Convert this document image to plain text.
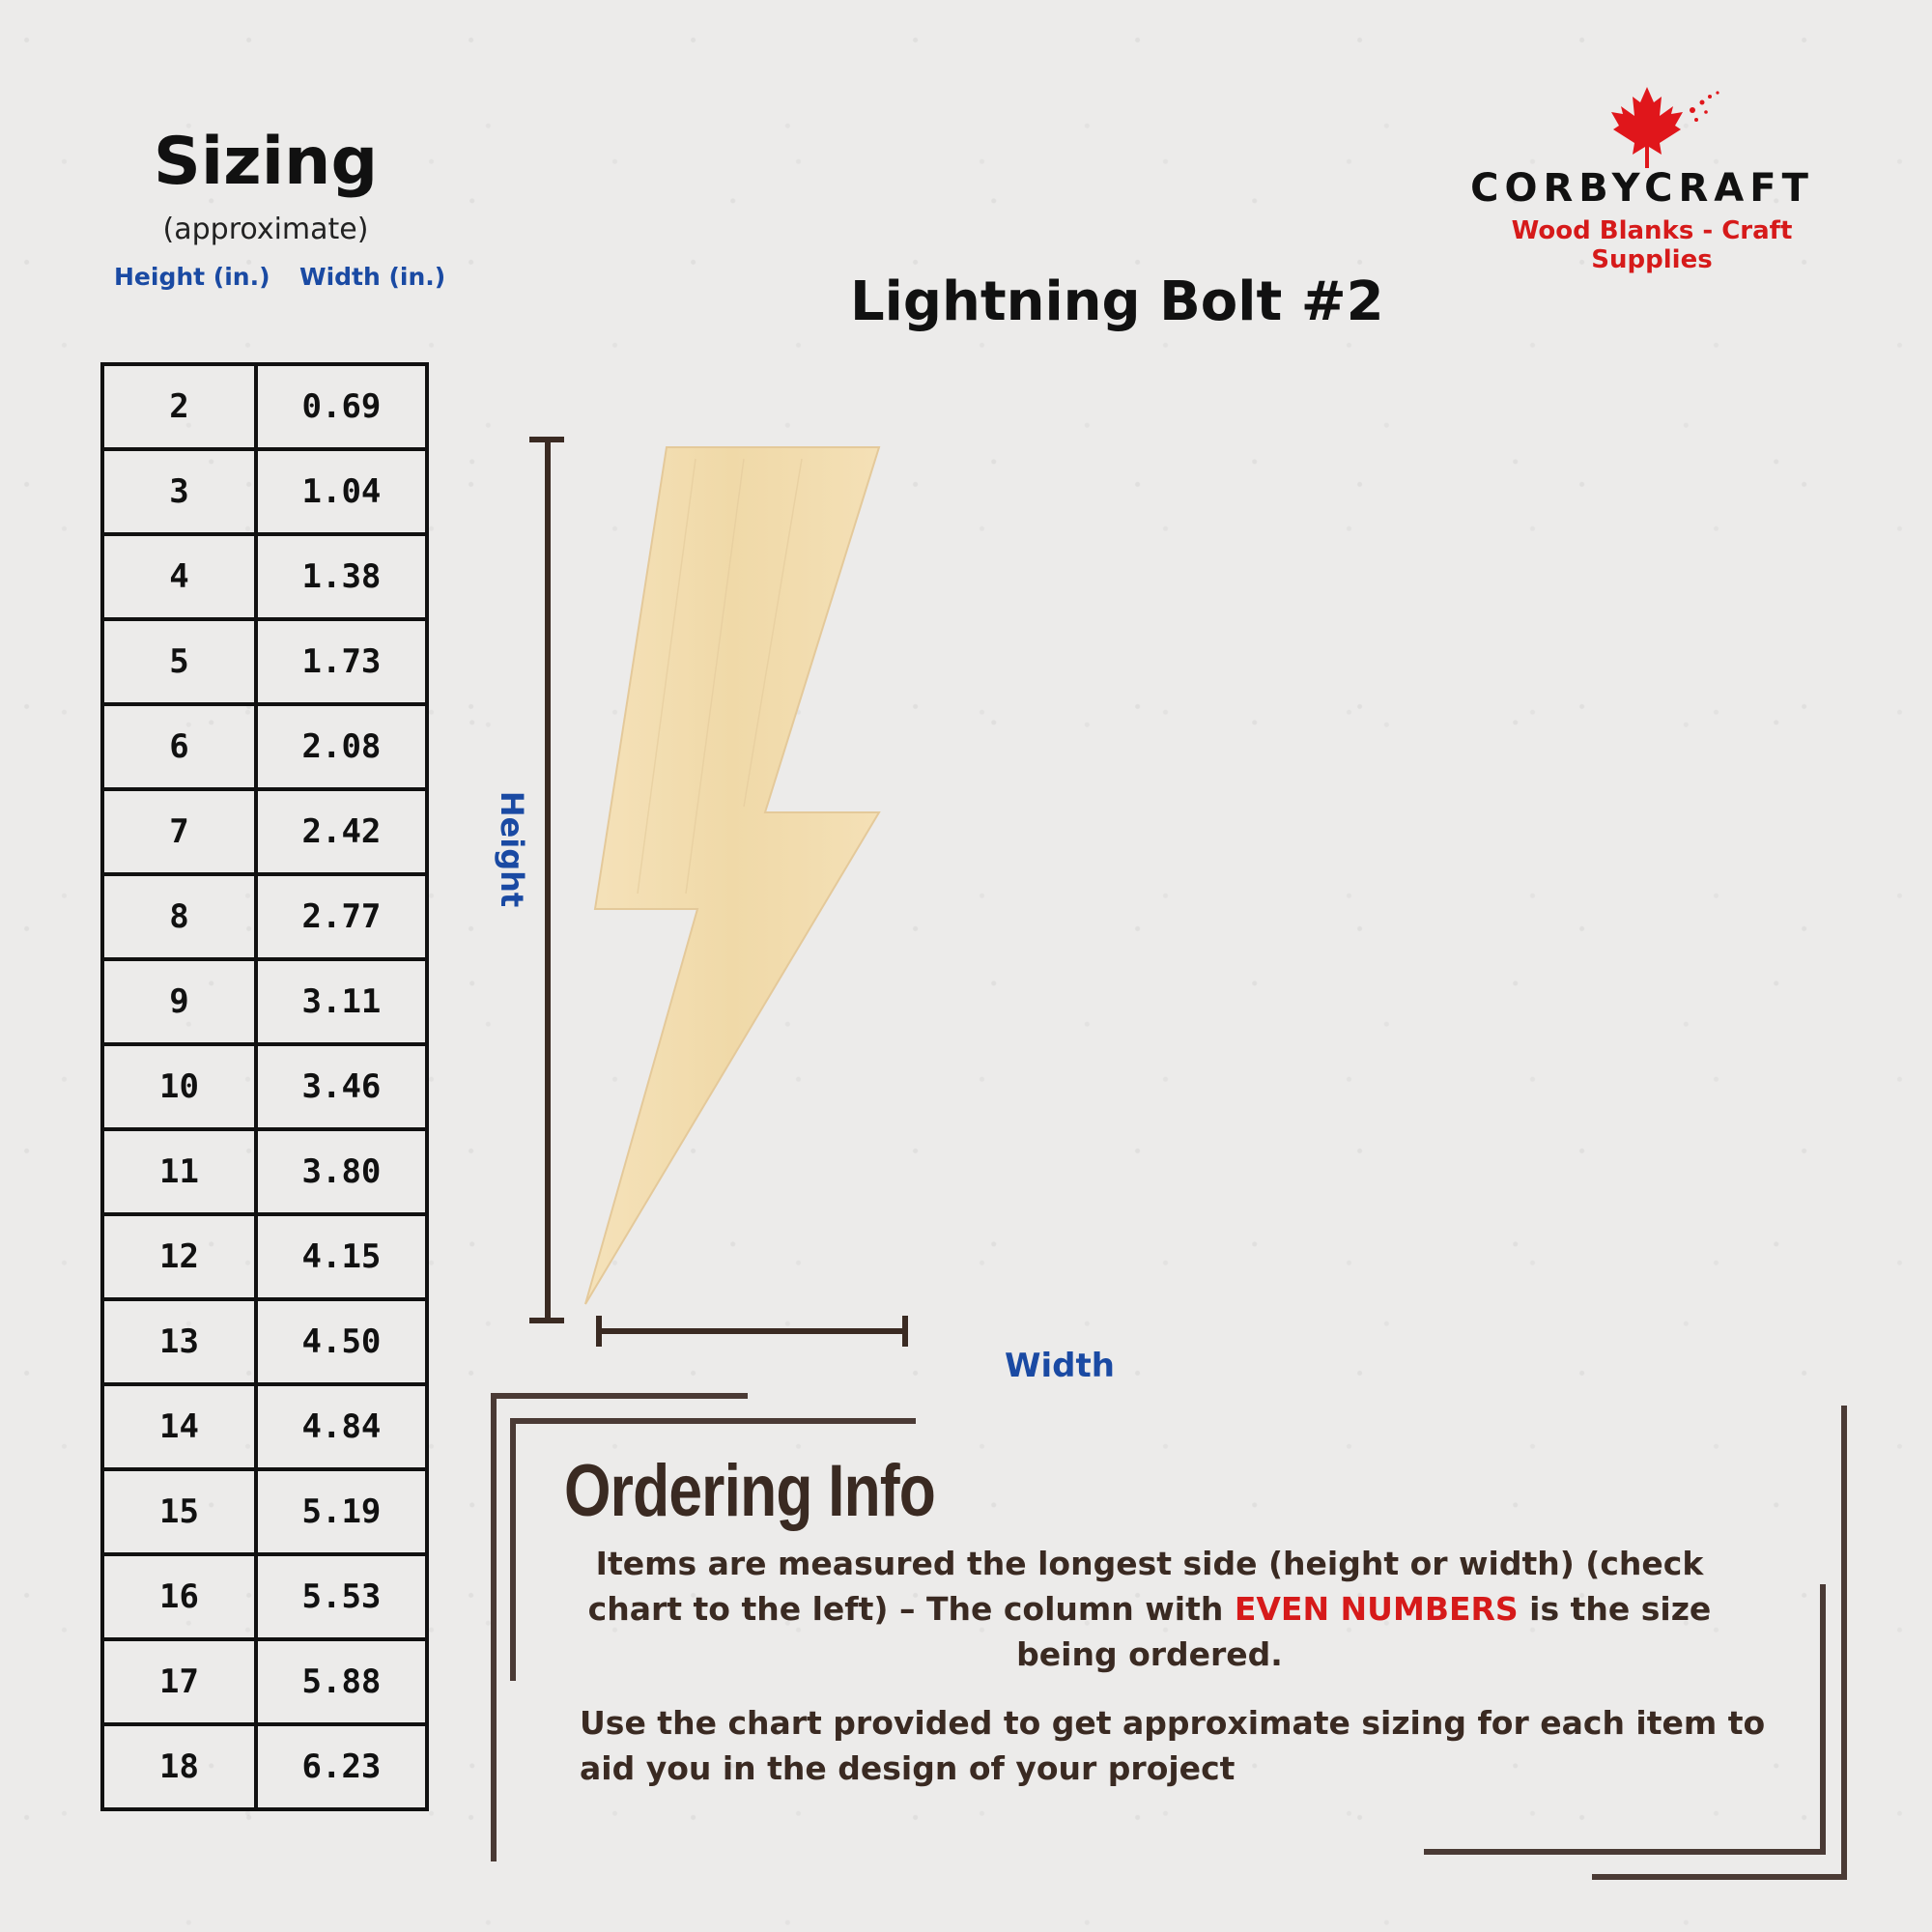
Sizing
(approximate)
Height (in.) Width (in.)
2	0.69
3	1.04
4	1.38
5	1.73
6	2.08
7	2.42
8	2.77
9	3.11
10	3.46
11	3.80
12	4.15
13	4.50
14	4.84
15	5.19
16	5.53
17	5.88
18	6.23
CORBYCRAFT
Wood Blanks - Craft Supplies
Lightning Bolt #2
Height
Width
Ordering Info
Items are measured the longest side (height or width) (check chart to the left) – The column with EVEN NUMBERS is the size being ordered.
Use the chart provided to get approximate sizing for each item to aid you in the design of your project
